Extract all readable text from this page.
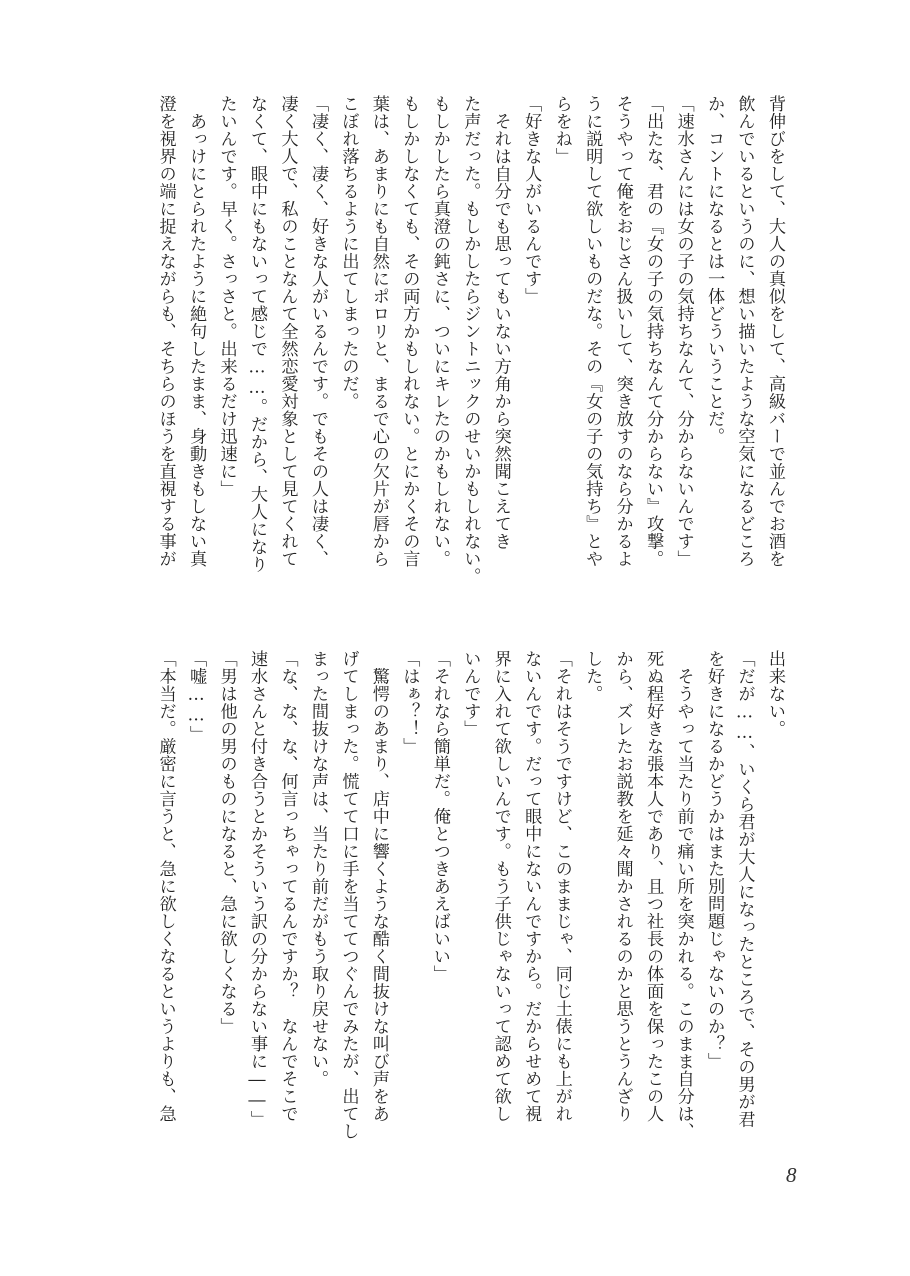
背伸びをして、大人の真似をして、高級バーで並んでお酒を
飲んでいるというのに、想い描いたような空気になるどころ
か、コントになるとは一体どういうことだ。
「速水さんには女の子の気持ちなんて、分からないんです」
「出たな、君の『女の子の気持ちなんて分からない』攻撃。
そうやって俺をおじさん扱いして、突き放すのなら分かるよ
うに説明して欲しいものだな。その『女の子の気持ち』とや
らをね」
「好きな人がいるんです」
　それは自分でも思ってもいない方角から突然聞こえてき
た声だった。もしかしたらジントニックのせいかもしれない。
もしかしたら真澄の鈍さに、ついにキレたのかもしれない。
もしかしなくても、その両方かもしれない。とにかくその言
葉は、あまりにも自然にポロリと、まるで心の欠片が唇から
こぼれ落ちるように出てしまったのだ。
「凄く、凄く、好きな人がいるんです。でもその人は凄く、
凄く大人で、私のことなんて全然恋愛対象として見てくれて
なくて、眼中にもないって感じで……。だから、大人になり
たいんです。早く。さっさと。出来るだけ迅速に」
　あっけにとられたように絶句したまま、身動きもしない真
澄を視界の端に捉えながらも、そちらのほうを直視する事が
出来ない。
「だが……、いくら君が大人になったところで、その男が君
を好きになるかどうかはまた別問題じゃないのか？」
　そうやって当たり前で痛い所を突かれる。このまま自分は、
死ぬ程好きな張本人であり、且つ社長の体面を保ったこの人
から、ズレたお説教を延々聞かされるのかと思うとうんざり
した。
「それはそうですけど、このままじゃ、同じ土俵にも上がれ
ないんです。だって眼中にないんですから。だからせめて視
界に入れて欲しいんです。もう子供じゃないって認めて欲し
いんです」
「それなら簡単だ。俺とつきあえばいい」
「はぁ？！」
　驚愕のあまり、店中に響くような酷く間抜けな叫び声をあ
げてしまった。慌てて口に手を当ててつぐんでみたが、出てし
まった間抜けな声は、当たり前だがもう取り戻せない。
「な、な、な、何言っちゃってるんですか？　なんでそこで
速水さんと付き合うとかそういう訳の分からない事に――」
「男は他の男のものになると、急に欲しくなる」
「嘘……」
「本当だ。厳密に言うと、急に欲しくなるというよりも、急
8
